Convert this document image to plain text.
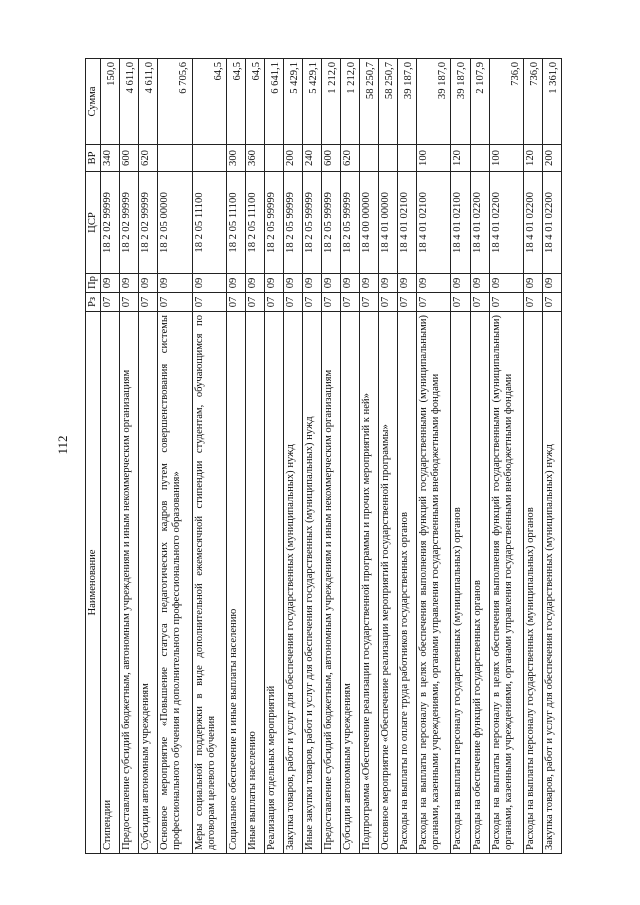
112
Наименование	Рз	Пр	ЦСР	ВР	Сумма
Стипендии	07	09	18 2 02 99999	340	150,0
Предоставление субсидий бюджетным, автономным учреждениям и иным некоммерческим организациям	07	09	18 2 02 99999	600	4 611,0
Субсидии автономным учреждениям	07	09	18 2 02 99999	620	4 611,0
Основное мероприятие «Повышение статуса педагогических кадров путем совершенствования системы профессионального обучения и дополнительного профессионального образования»	07	09	18 2 05 00000		6 705,6
Меры социальной поддержки в виде дополнительной ежемесячной стипендии студентам, обучающимся по договорам целевого обучения	07	09	18 2 05 11100		64,5
Социальное обеспечение и иные выплаты населению	07	09	18 2 05 11100	300	64,5
Иные выплаты населению	07	09	18 2 05 11100	360	64,5
Реализация отдельных мероприятий	07	09	18 2 05 99999		6 641,1
Закупка товаров, работ и услуг для обеспечения государственных (муниципальных) нужд	07	09	18 2 05 99999	200	5 429,1
Иные закупки товаров, работ и услуг для обеспечения государственных (муниципальных) нужд	07	09	18 2 05 99999	240	5 429,1
Предоставление субсидий бюджетным, автономным учреждениям и иным некоммерческим организациям	07	09	18 2 05 99999	600	1 212,0
Субсидии автономным учреждениям	07	09	18 2 05 99999	620	1 212,0
Подпрограмма «Обеспечение реализации государственной программы и прочих мероприятий к ней»	07	09	18 4 00 00000		58 250,7
Основное мероприятие «Обеспечение реализации мероприятий государственной программы»	07	09	18 4 01 00000		58 250,7
Расходы на выплаты по оплате труда работников государственных органов	07	09	18 4 01 02100		39 187,0
Расходы на выплаты персоналу в целях обеспечения выполнения функций государственными (муниципальными) органами, казенными учреждениями, органами управления государственными внебюджетными фондами	07	09	18 4 01 02100	100	39 187,0
Расходы на выплаты персоналу государственных (муниципальных) органов	07	09	18 4 01 02100	120	39 187,0
Расходы на обеспечение функций государственных органов	07	09	18 4 01 02200		2 107,9
Расходы на выплаты персоналу в целях обеспечения выполнения функций государственными (муниципальными) органами, казенными учреждениями, органами управления государственными внебюджетными фондами	07	09	18 4 01 02200	100	736,0
Расходы на выплаты персоналу государственных (муниципальных) органов	07	09	18 4 01 02200	120	736,0
Закупка товаров, работ и услуг для обеспечения государственных (муниципальных) нужд	07	09	18 4 01 02200	200	1 361,0
